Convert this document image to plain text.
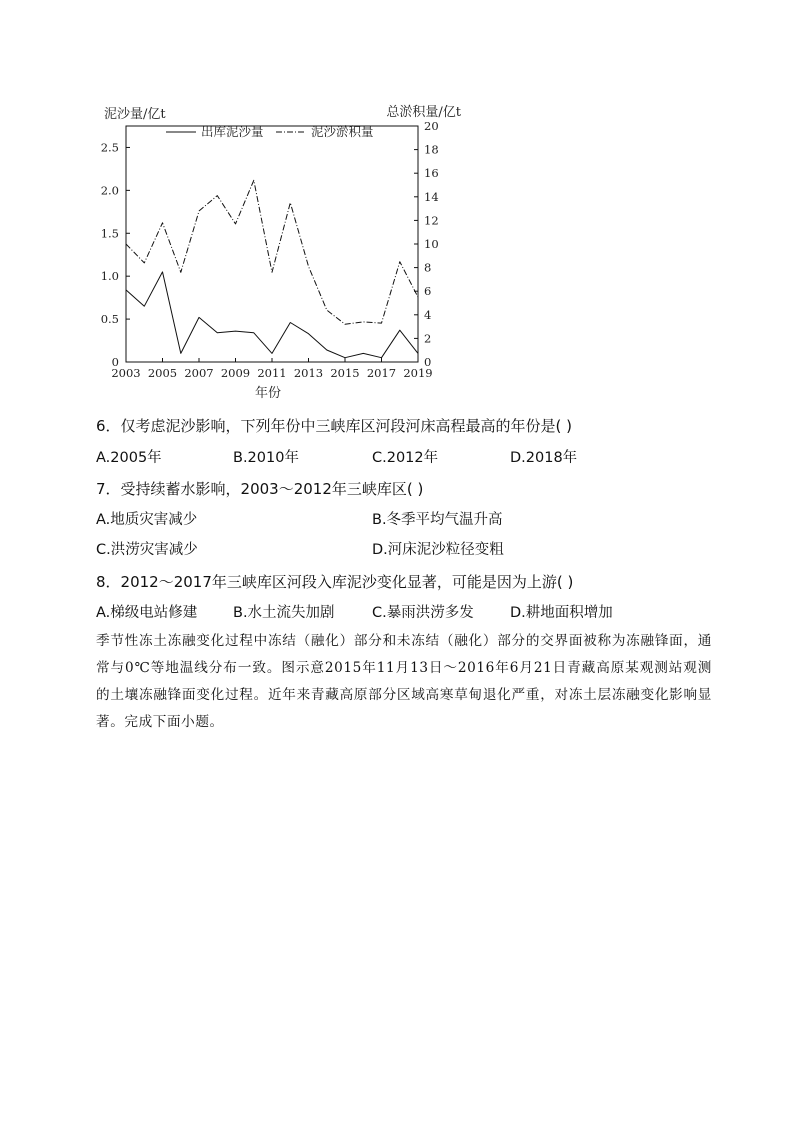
泥沙量/亿t	总淤积量/亿t
出库泥沙量	泥沙淤积量
0
0.5
1.0
1.5
2.0
2.5
0
2
4
6
8
10
12
14
16
18
20
2003 2005 2007 2009 2011 2013 2015 2017 2019
年份
6．仅考虑泥沙影响，下列年份中三峡库区河段河床高程最高的年份是( )
A.2005年	B.2010年	C.2012年	D.2018年
7．受持续蓄水影响，2003～2012年三峡库区( )
A.地质灾害减少	B.冬季平均气温升高
C.洪涝灾害减少	D.河床泥沙粒径变粗
8．2012～2017年三峡库区河段入库泥沙变化显著，可能是因为上游( )
A.梯级电站修建 B.水土流失加剧	C.暴雨洪涝多发	D.耕地面积增加
季节性冻土冻融变化过程中冻结（融化）部分和未冻结（融化）部分的交界面被称为冻融锋面，通常与0℃等地温线分布一致。图示意2015年11月13日～2016年6月21日青藏高原某观测站观测的土壤冻融锋面变化过程。近年来青藏高原部分区域高寒草甸退化严重，对冻土层冻融变化影响显著。完成下面小题。
